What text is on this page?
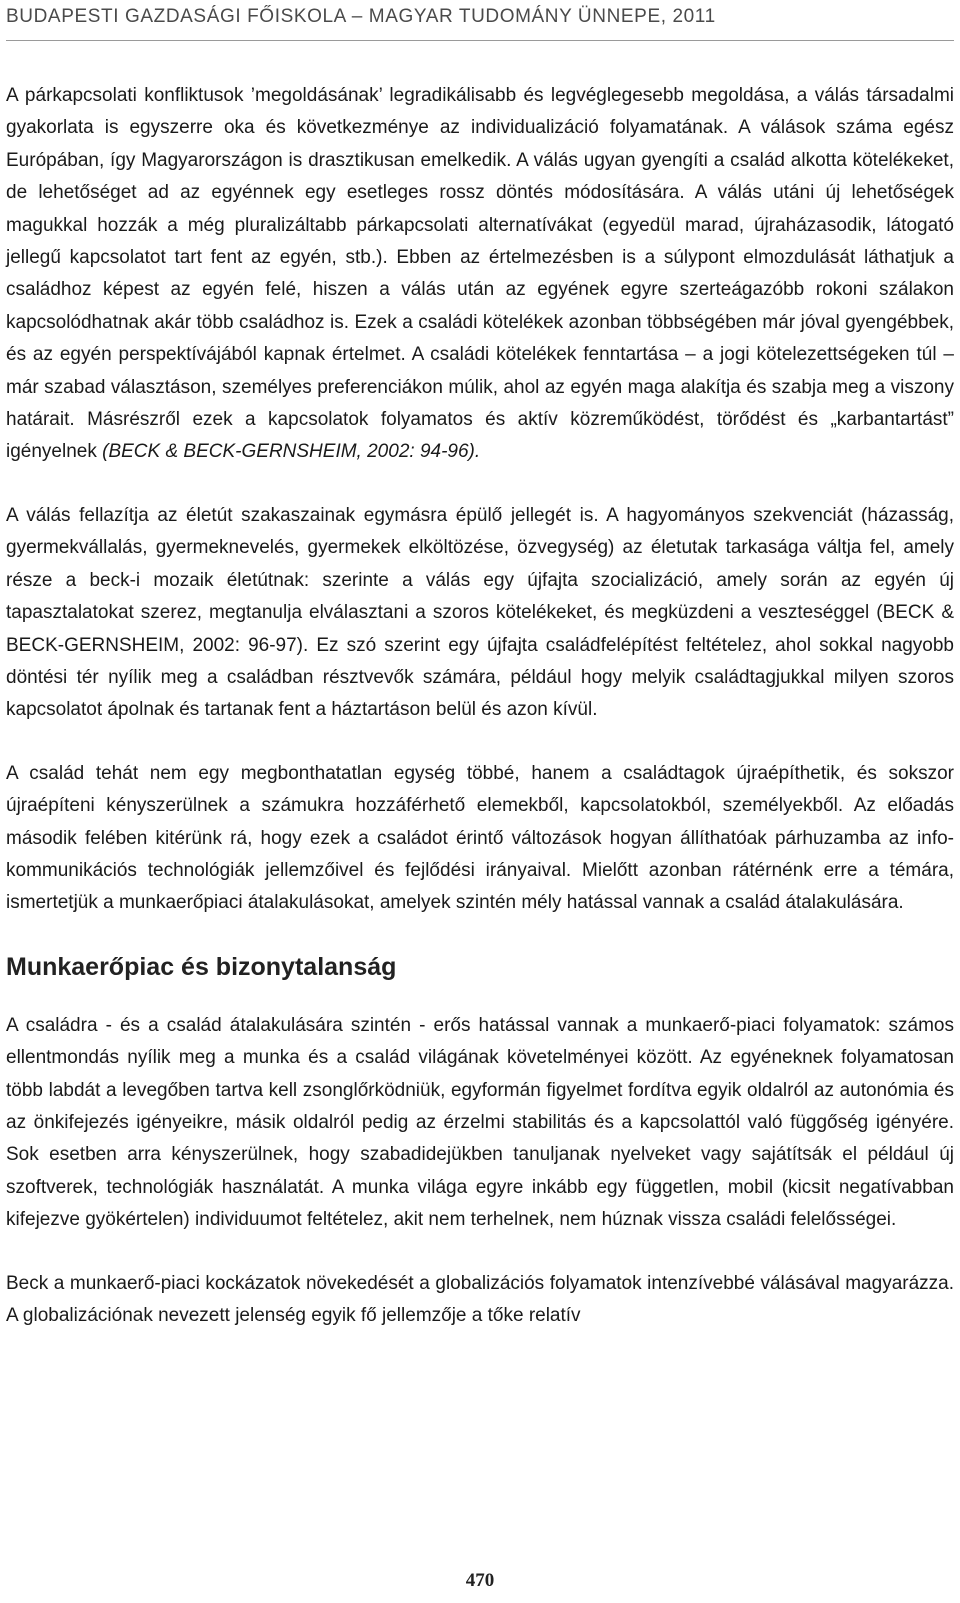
BUDAPESTI GAZDASÁGI FŐISKOLA – MAGYAR TUDOMÁNY ÜNNEPE, 2011

A párkapcsolati konfliktusok ’megoldásának’ legradikálisabb és legvéglegesebb megoldása, a válás társadalmi gyakorlata is egyszerre oka és következménye az individualizáció folyamatának. A válások száma egész Európában, így Magyarországon is drasztikusan emelkedik. A válás ugyan gyengíti a család alkotta kötelékeket, de lehetőséget ad az egyénnek egy esetleges rossz döntés módosítására. A válás utáni új lehetőségek magukkal hozzák a még pluralizáltabb párkapcsolati alternatívákat (egyedül marad, újraházasodik, látogató jellegű kapcsolatot tart fent az egyén, stb.). Ebben az értelmezésben is a súlypont elmozdulását láthatjuk a családhoz képest az egyén felé, hiszen a válás után az egyének egyre szerteágazóbb rokoni szálakon kapcsolódhatnak akár több családhoz is. Ezek a családi kötelékek azonban többségében már jóval gyengébbek, és az egyén perspektívájából kapnak értelmet. A családi kötelékek fenntartása – a jogi kötelezettségeken túl – már szabad választáson, személyes preferenciákon múlik, ahol az egyén maga alakítja és szabja meg a viszony határait. Másrészről ezek a kapcsolatok folyamatos és aktív közreműködést, törődést és „karbantartást” igényelnek (BECK & BECK-GERNSHEIM, 2002: 94-96).

A válás fellazítja az életút szakaszainak egymásra épülő jellegét is. A hagyományos szekvenciát (házasság, gyermekvállalás, gyermeknevelés, gyermekek elköltözése, özvegység) az életutak tarkasága váltja fel, amely része a beck-i mozaik életútnak: szerinte a válás egy újfajta szocializáció, amely során az egyén új tapasztalatokat szerez, megtanulja elválasztani a szoros kötelékeket, és megküzdeni a veszteséggel (BECK & BECK-GERNSHEIM, 2002: 96-97). Ez szó szerint egy újfajta családfelépítést feltételez, ahol sokkal nagyobb döntési tér nyílik meg a családban résztvevők számára, például hogy melyik családtagjukkal milyen szoros kapcsolatot ápolnak és tartanak fent a háztartáson belül és azon kívül.

A család tehát nem egy megbonthatatlan egység többé, hanem a családtagok újraépíthetik, és sokszor újraépíteni kényszerülnek a számukra hozzáférhető elemekből, kapcsolatokból, személyekből. Az előadás második felében kitérünk rá, hogy ezek a családot érintő változások hogyan állíthatóak párhuzamba az info-kommunikációs technológiák jellemzőivel és fejlődési irányaival. Mielőtt azonban rátérnénk erre a témára, ismertetjük a munkaerőpiaci átalakulásokat, amelyek szintén mély hatással vannak a család átalakulására.

Munkaerőpiac és bizonytalanság

A családra - és a család átalakulására szintén - erős hatással vannak a munkaerő-piaci folyamatok: számos ellentmondás nyílik meg a munka és a család világának követelményei között. Az egyéneknek folyamatosan több labdát a levegőben tartva kell zsonglőrködniük, egyformán figyelmet fordítva egyik oldalról az autonómia és az önkifejezés igényeikre, másik oldalról pedig az érzelmi stabilitás és a kapcsolattól való függőség igényére. Sok esetben arra kényszerülnek, hogy szabadidejükben tanuljanak nyelveket vagy sajátítsák el például új szoftverek, technológiák használatát. A munka világa egyre inkább egy független, mobil (kicsit negatívabban kifejezve gyökértelen) individuumot feltételez, akit nem terhelnek, nem húznak vissza családi felelősségei.

Beck a munkaerő-piaci kockázatok növekedését a globalizációs folyamatok intenzívebbé válásával magyarázza. A globalizációnak nevezett jelenség egyik fő jellemzője a tőke relatív

470
